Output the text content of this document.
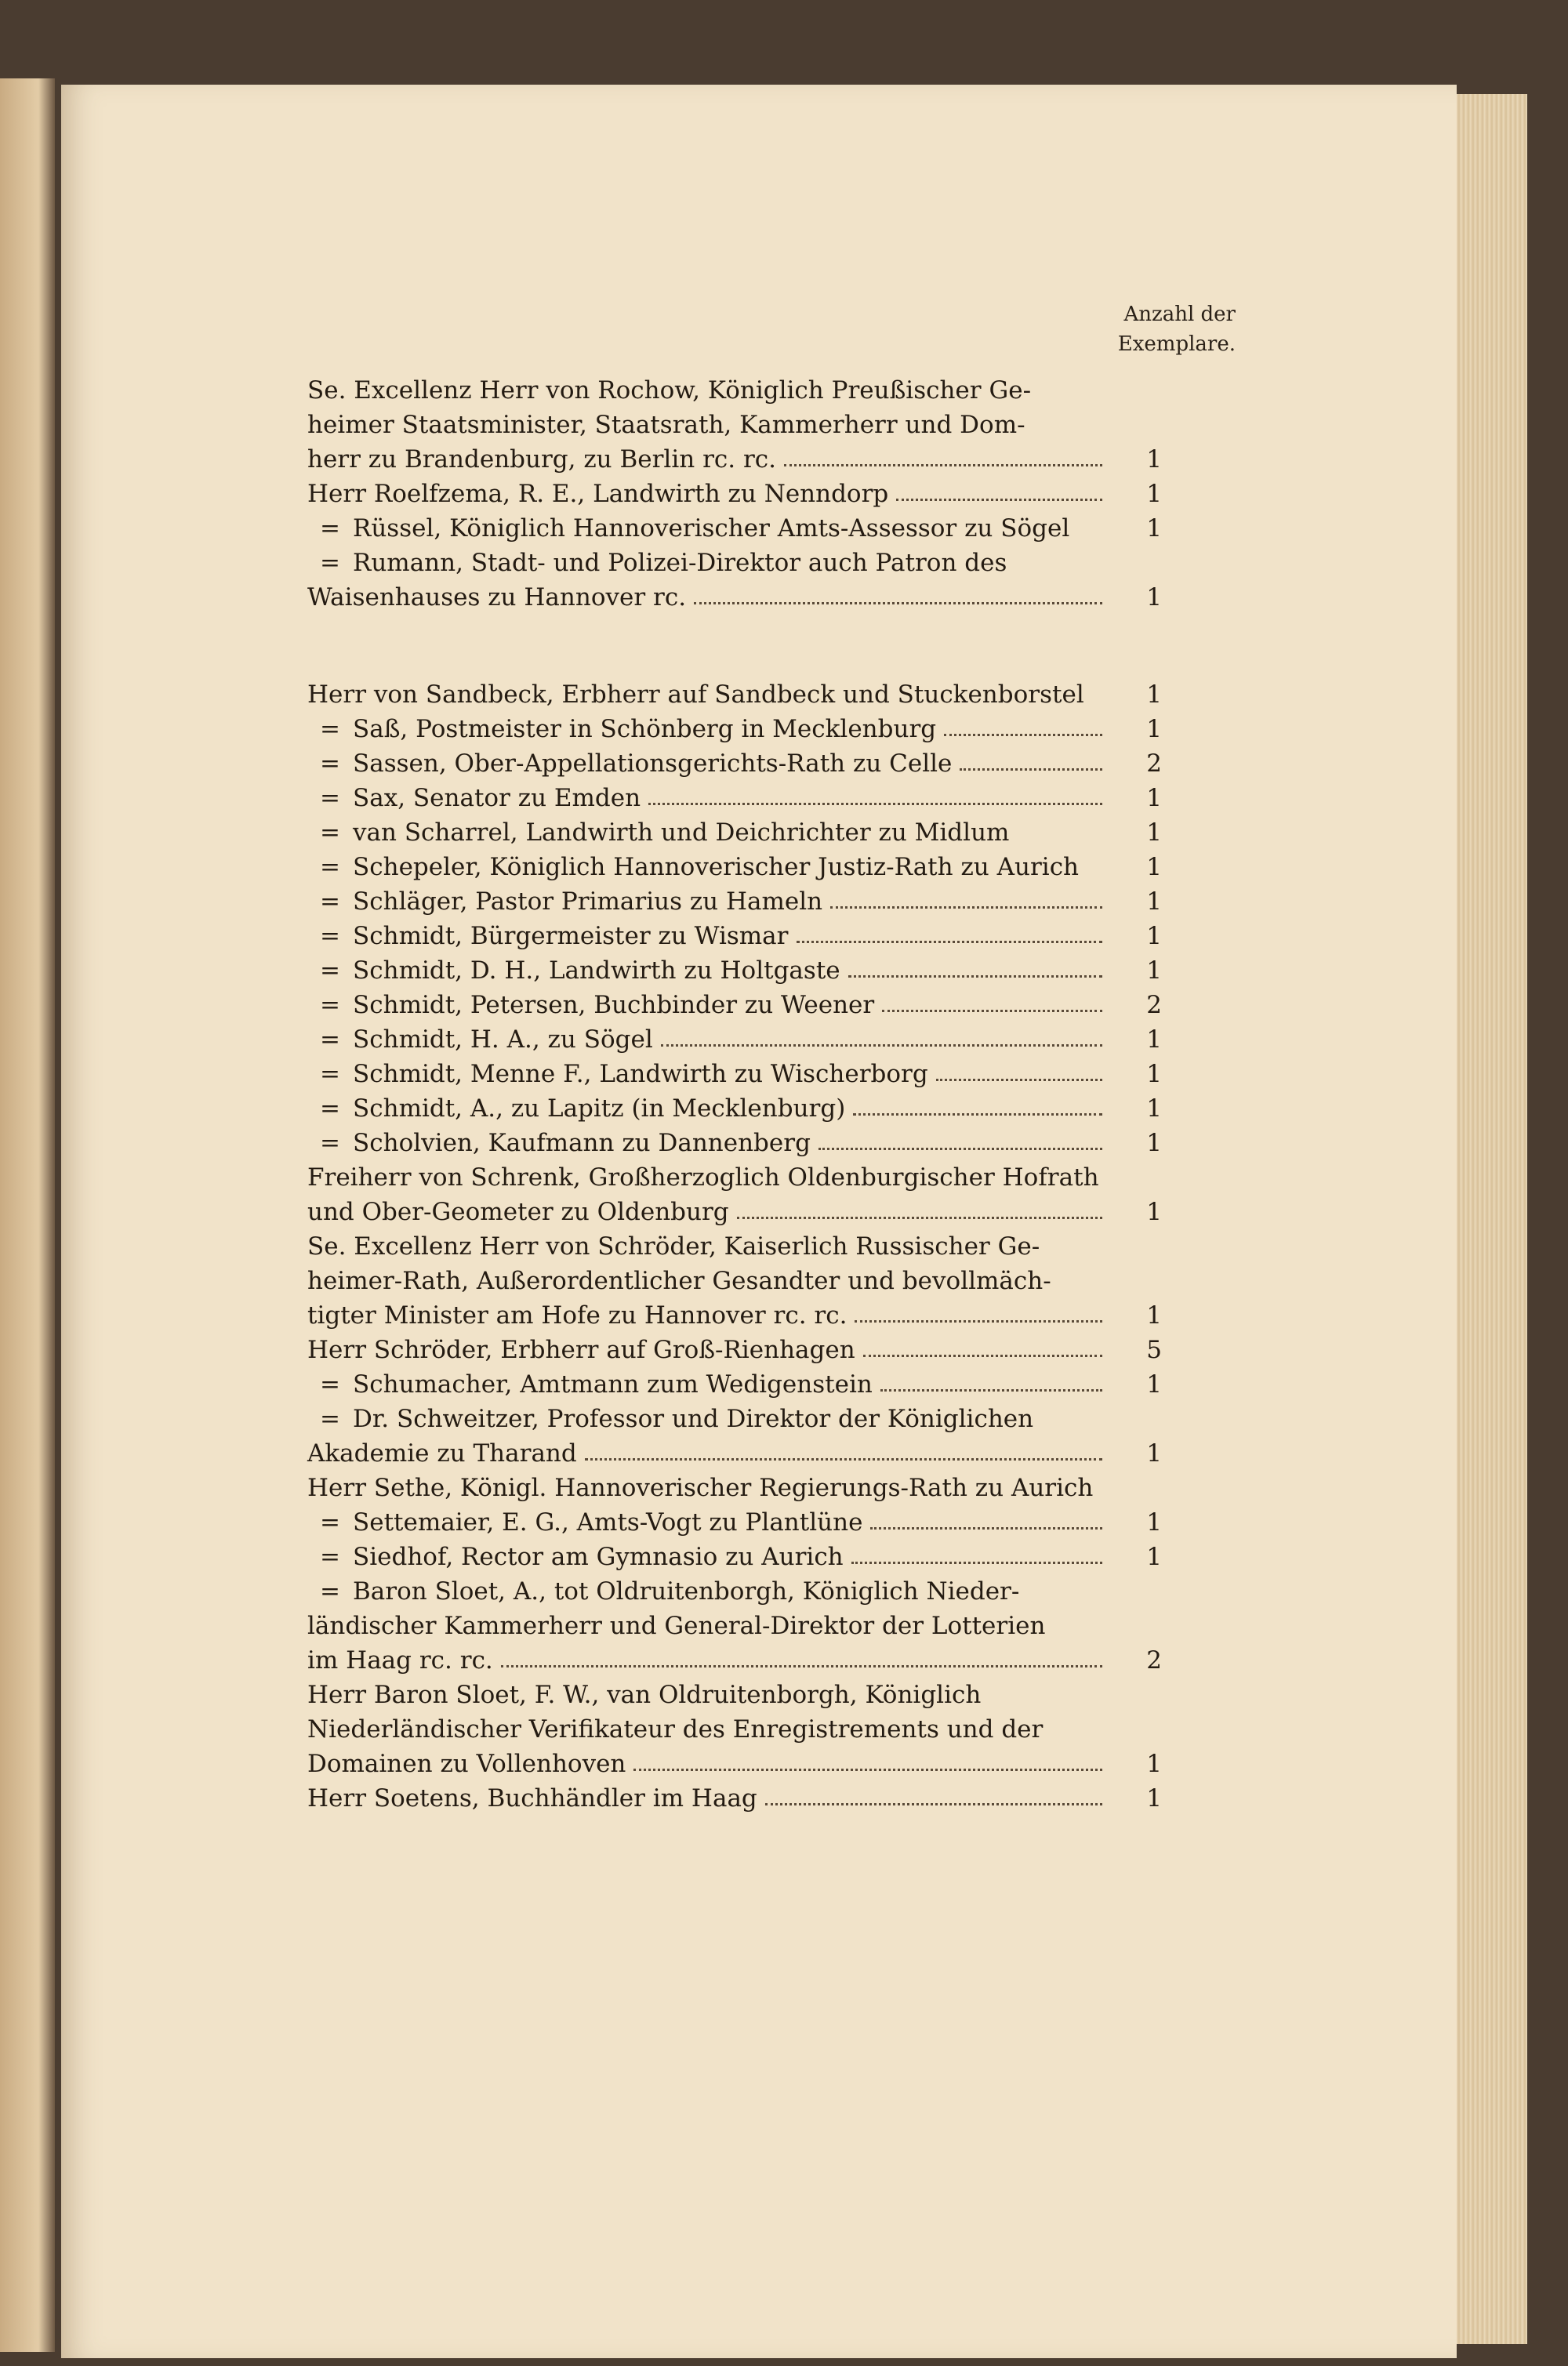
Anzahl der
Exemplare.
Se. Excellenz Herr von Rochow, Königlich Preußischer Ge-
heimer Staatsminister, Staatsrath, Kammerherr und Dom-
herr zu Brandenburg, zu Berlin rc. rc.	1
Herr Roelfzema, R. E., Landwirth zu Nenndorp	1
= Rüssel, Königlich Hannoverischer Amts-Assessor zu Sögel	1
= Rumann, Stadt- und Polizei-Direktor auch Patron des
Waisenhauses zu Hannover rc.	1
Herr von Sandbeck, Erbherr auf Sandbeck und Stuckenborstel	1
= Saß, Postmeister in Schönberg in Mecklenburg	1
= Sassen, Ober-Appellationsgerichts-Rath zu Celle	2
= Sax, Senator zu Emden	1
= van Scharrel, Landwirth und Deichrichter zu Midlum	1
= Schepeler, Königlich Hannoverischer Justiz-Rath zu Aurich	1
= Schläger, Pastor Primarius zu Hameln	1
= Schmidt, Bürgermeister zu Wismar	1
= Schmidt, D. H., Landwirth zu Holtgaste	1
= Schmidt, Petersen, Buchbinder zu Weener	2
= Schmidt, H. A., zu Sögel	1
= Schmidt, Menne F., Landwirth zu Wischerborg	1
= Schmidt, A., zu Lapitz (in Mecklenburg)	1
= Scholvien, Kaufmann zu Dannenberg	1
Freiherr von Schrenk, Großherzoglich Oldenburgischer Hofrath
und Ober-Geometer zu Oldenburg	1
Se. Excellenz Herr von Schröder, Kaiserlich Russischer Ge-
heimer-Rath, Außerordentlicher Gesandter und bevollmäch-
tigter Minister am Hofe zu Hannover rc. rc.	1
Herr Schröder, Erbherr auf Groß-Rienhagen	5
= Schumacher, Amtmann zum Wedigenstein	1
= Dr. Schweitzer, Professor und Direktor der Königlichen
Akademie zu Tharand	1
Herr Sethe, Königl. Hannoverischer Regierungs-Rath zu Aurich
= Settemaier, E. G., Amts-Vogt zu Plantlüne	1
= Siedhof, Rector am Gymnasio zu Aurich	1
= Baron Sloet, A., tot Oldruitenborgh, Königlich Nieder-
ländischer Kammerherr und General-Direktor der Lotterien
im Haag rc. rc.	2
Herr Baron Sloet, F. W., van Oldruitenborgh, Königlich
Niederländischer Verifikateur des Enregistrements und der
Domainen zu Vollenhoven	1
Herr Soetens, Buchhändler im Haag	1
